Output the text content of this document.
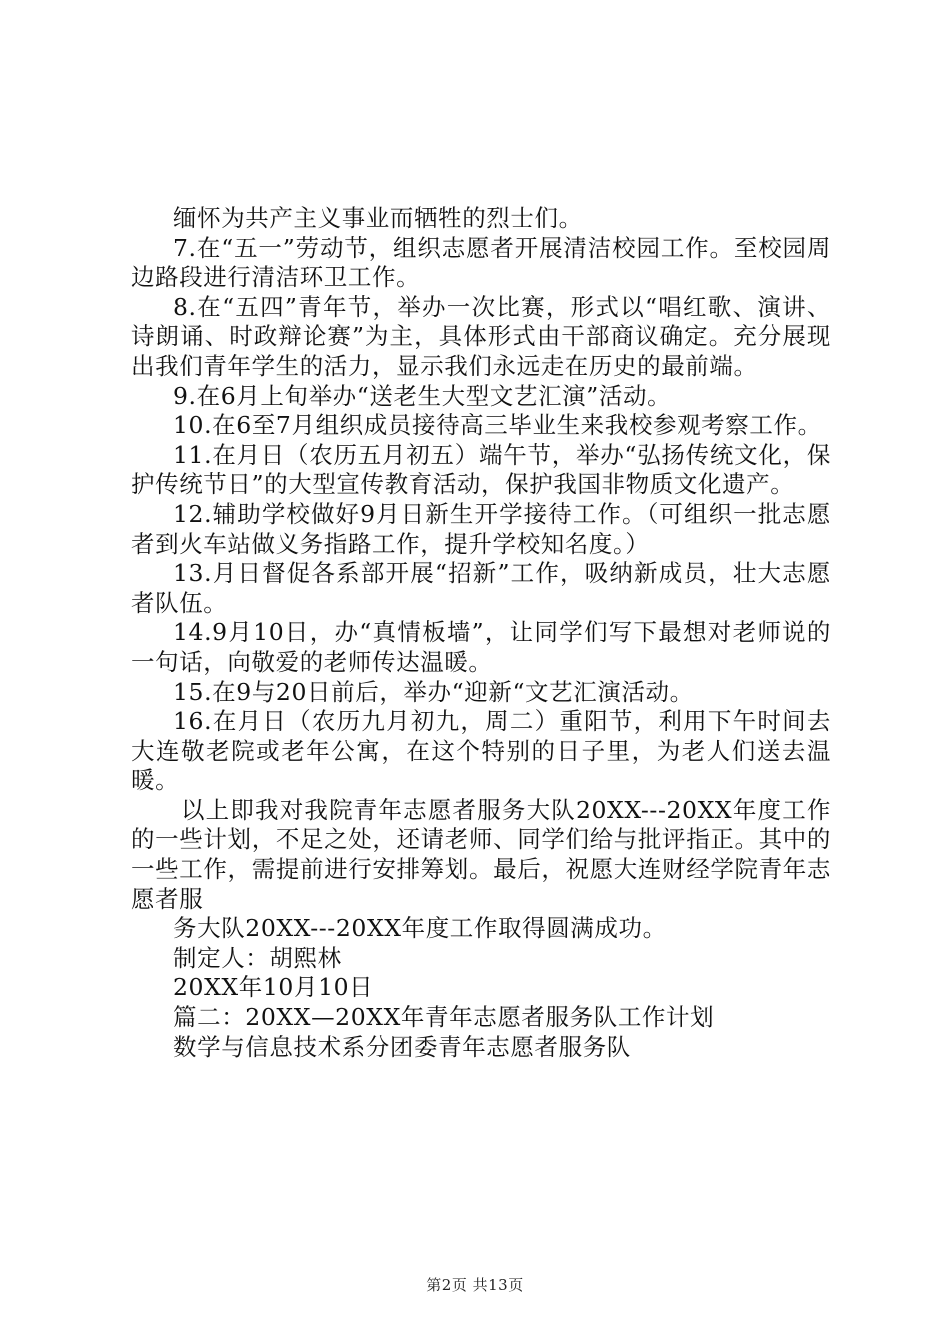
缅怀为共产主义事业而牺牲的烈士们。

7.在“五一”劳动节，组织志愿者开展清洁校园工作。至校园周边路段进行清洁环卫工作。

8.在“五四”青年节，举办一次比赛，形式以“唱红歌、演讲、诗朗诵、时政辩论赛”为主，具体形式由干部商议确定。充分展现出我们青年学生的活力，显示我们永远走在历史的最前端。

9.在6月上旬举办“送老生大型文艺汇演”活动。

10.在6至7月组织成员接待高三毕业生来我校参观考察工作。

11.在月日（农历五月初五）端午节，举办“弘扬传统文化，保护传统节日”的大型宣传教育活动，保护我国非物质文化遗产。

12.辅助学校做好9月日新生开学接待工作。（可组织一批志愿者到火车站做义务指路工作，提升学校知名度。）

13.月日督促各系部开展“招新”工作，吸纳新成员，壮大志愿者队伍。

14.9月10日，办“真情板墙”，让同学们写下最想对老师说的一句话，向敬爱的老师传达温暖。

15.在9与20日前后，举办“迎新“文艺汇演活动。

16.在月日（农历九月初九，周二）重阳节，利用下午时间去大连敬老院或老年公寓，在这个特别的日子里，为老人们送去温暖。

以上即我对我院青年志愿者服务大队20XX---20XX年度工作的一些计划，不足之处，还请老师、同学们给与批评指正。其中的一些工作，需提前进行安排筹划。最后，祝愿大连财经学院青年志愿者服

务大队20XX---20XX年度工作取得圆满成功。

制定人：胡熙林

20XX年10月10日

篇二：20XX—20XX年青年志愿者服务队工作计划

数学与信息技术系分团委青年志愿者服务队

第2页 共13页
